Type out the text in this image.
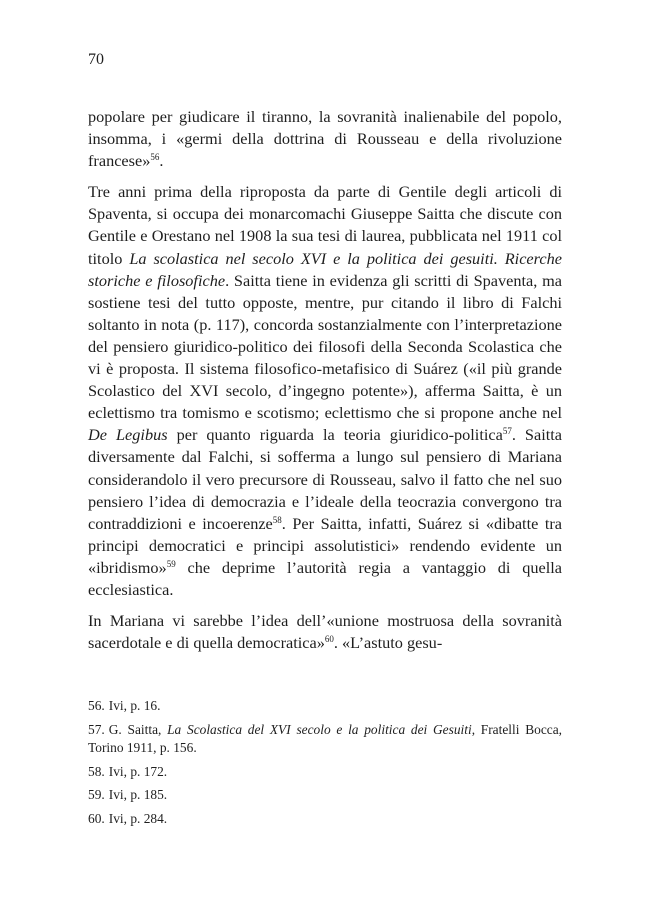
70

popolare per giudicare il tiranno, la sovranità inalienabile del popolo, insomma, i «germi della dottrina di Rousseau e della rivoluzione francese»$^{56}$.

Tre anni prima della riproposta da parte di Gentile degli articoli di Spaventa, si occupa dei monarcomachi Giuseppe Saitta che discute con Gentile e Orestano nel 1908 la sua tesi di laurea, pubblicata nel 1911 col titolo La scolastica nel secolo XVI e la politica dei gesuiti. Ricerche storiche e filosofiche. Saitta tiene in evidenza gli scritti di Spaventa, ma sostiene tesi del tutto opposte, mentre, pur citando il libro di Falchi soltanto in nota (p. 117), concorda sostanzialmente con l’interpretazione del pensiero giuridico-politico dei filosofi della Seconda Scolastica che vi è proposta. Il sistema filosofico-metafisico di Suárez («il più grande Scolastico del XVI secolo, d’ingegno potente»), afferma Saitta, è un eclettismo tra tomismo e scotismo; eclettismo che si propone anche nel De Legibus per quanto riguarda la teoria giuridico-politica$^{57}$. Saitta diversamente dal Falchi, si sofferma a lungo sul pensiero di Mariana considerandolo il vero precursore di Rousseau, salvo il fatto che nel suo pensiero l’idea di democrazia e l’ideale della teocrazia convergono tra contraddizioni e incoerenze$^{58}$. Per Saitta, infatti, Suárez si «dibatte tra principi democratici e principi assolutistici» rendendo evidente un «ibridismo»$^{59}$ che deprime l’autorità regia a vantaggio di quella ecclesiastica.

In Mariana vi sarebbe l’idea dell’«unione mostruosa della sovranità sacerdotale e di quella democratica»$^{60}$. «L’astuto gesu-

56. Ivi, p. 16.
57. G. Saitta, La Scolastica del XVI secolo e la politica dei Gesuiti, Fratelli Bocca, Torino 1911, p. 156.
58. Ivi, p. 172.
59. Ivi, p. 185.
60. Ivi, p. 284.
